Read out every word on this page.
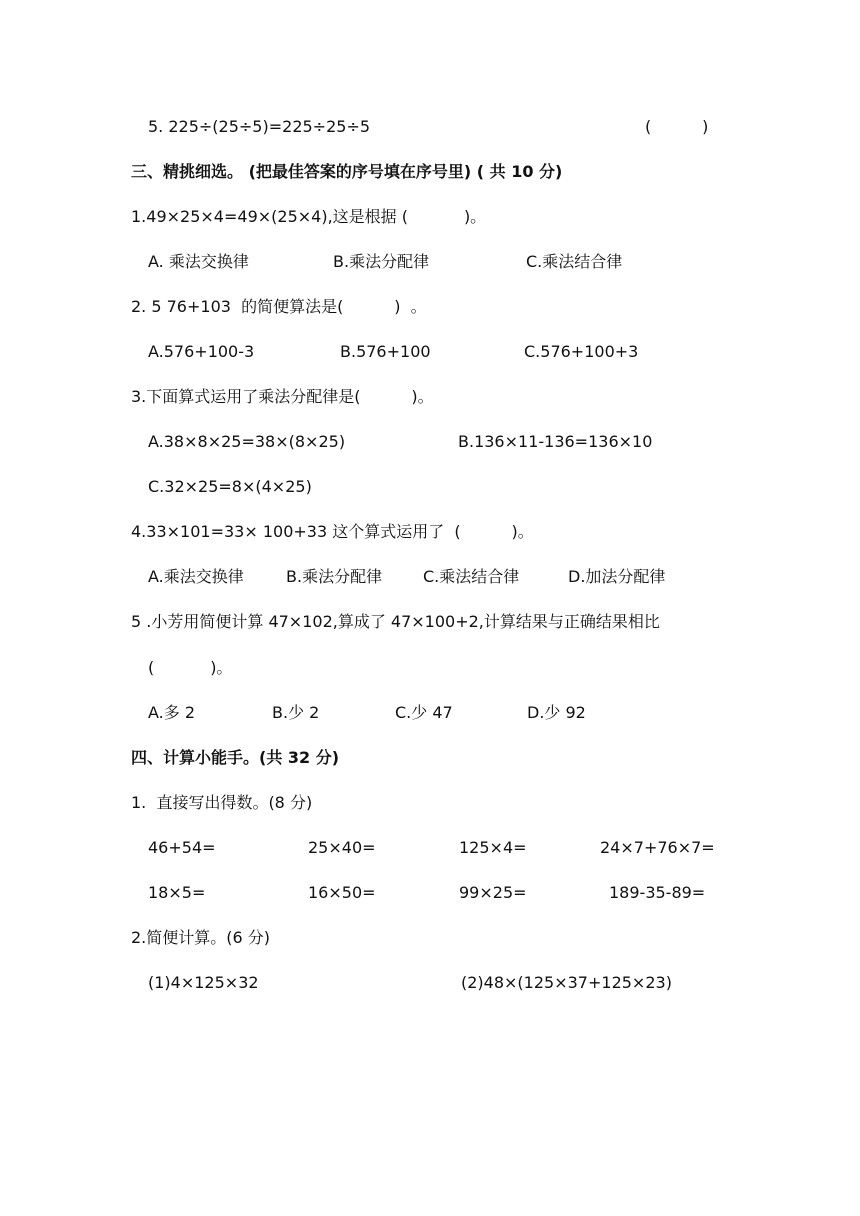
5. 225÷(25÷5)=225÷25÷5	(          )
三、精挑细选。 (把最佳答案的序号填在序号里) ( 共 10 分)
1.49×25×4=49×(25×4),这是根据 (           )。
A. 乘法交换律	B.乘法分配律	C.乘法结合律
2. 5 76+103  的简便算法是(          )  。
A.576+100-3	B.576+100	C.576+100+3
3.下面算式运用了乘法分配律是(          )。
A.38×8×25=38×(8×25)	B.136×11-136=136×10
C.32×25=8×(4×25)
4.33×101=33× 100+33 这个算式运用了  (          )。
A.乘法交换律	B.乘法分配律	C.乘法结合律	D.加法分配律
5 .小芳用简便计算 47×102,算成了 47×100+2,计算结果与正确结果相比
(           )。
A.多 2	B.少 2	C.少 47	D.少 92
四、计算小能手。(共 32 分)
1.  直接写出得数。(8 分)
46+54=	25×40=	125×4=	24×7+76×7=
18×5=	16×50=	99×25=	189-35-89=
2.简便计算。(6 分)
(1)4×125×32	(2)48×(125×37+125×23)
